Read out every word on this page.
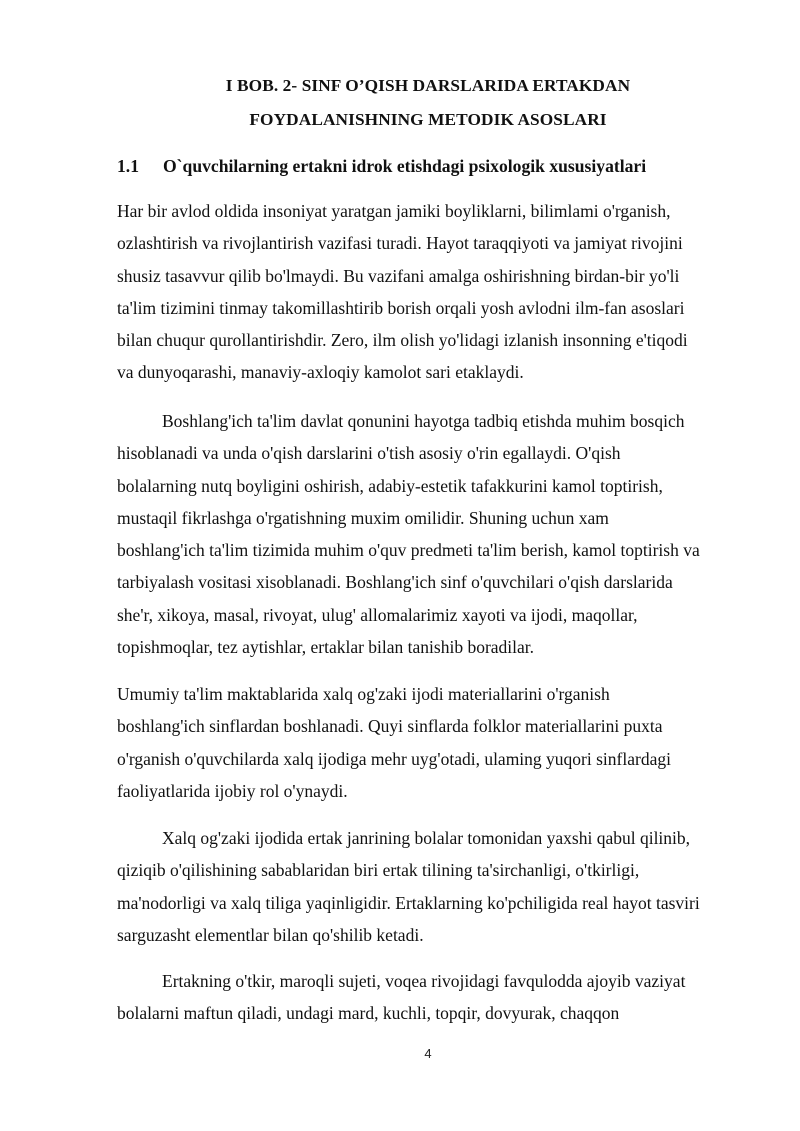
I BOB. 2- SINF O’QISH DARSLARIDA ERTAKDAN
FOYDALANISHNING METODIK ASOSLARI
1.1 O`quvchilarning ertakni idrok etishdagi psixologik xususiyatlari
Har bir avlod oldida insoniyat yaratgan jamiki boyliklarni, bilimlami o'rganish,
ozlashtirish va rivojlantirish vazifasi turadi. Hayot taraqqiyoti va jamiyat rivojini
shusiz tasavvur qilib bo'lmaydi. Bu vazifani amalga oshirishning birdan-bir yo'li
ta'lim tizimini tinmay takomillashtirib borish orqali yosh avlodni ilm-fan asoslari
bilan chuqur qurollantirishdir. Zero, ilm olish yo'lidagi izlanish insonning e'tiqodi
va dunyoqarashi, manaviy-axloqiy kamolot sari etaklaydi.
Boshlang'ich ta'lim davlat qonunini hayotga tadbiq etishda muhim bosqich
hisoblanadi va unda o'qish darslarini o'tish asosiy o'rin egallaydi. O'qish
bolalarning nutq boyligini oshirish, adabiy-estetik tafakkurini kamol toptirish,
mustaqil fikrlashga o'rgatishning muxim omilidir. Shuning uchun xam
boshlang'ich ta'lim tizimida muhim o'quv predmeti ta'lim berish, kamol toptirish va
tarbiyalash vositasi xisoblanadi. Boshlang'ich sinf o'quvchilari o'qish darslarida
she'r, xikoya, masal, rivoyat, ulug' allomalarimiz xayoti va ijodi, maqollar,
topishmoqlar, tez aytishlar, ertaklar bilan tanishib boradilar.
Umumiy ta'lim maktablarida xalq og'zaki ijodi materiallarini o'rganish
boshlang'ich sinflardan boshlanadi. Quyi sinflarda folklor materiallarini puxta
o'rganish o'quvchilarda xalq ijodiga mehr uyg'otadi, ulaming yuqori sinflardagi
faoliyatlarida ijobiy rol o'ynaydi.
Xalq og'zaki ijodida ertak janrining bolalar tomonidan yaxshi qabul qilinib,
qiziqib o'qilishining sabablaridan biri ertak tilining ta'sirchanligi, o'tkirligi,
ma'nodorligi va xalq tiliga yaqinligidir. Ertaklarning ko'pchiligida real hayot tasviri
sarguzasht elementlar bilan qo'shilib ketadi.
Ertakning o'tkir, maroqli sujeti, voqea rivojidagi favqulodda ajoyib vaziyat
bolalarni maftun qiladi, undagi mard, kuchli, topqir, dovyurak, chaqqon
4
